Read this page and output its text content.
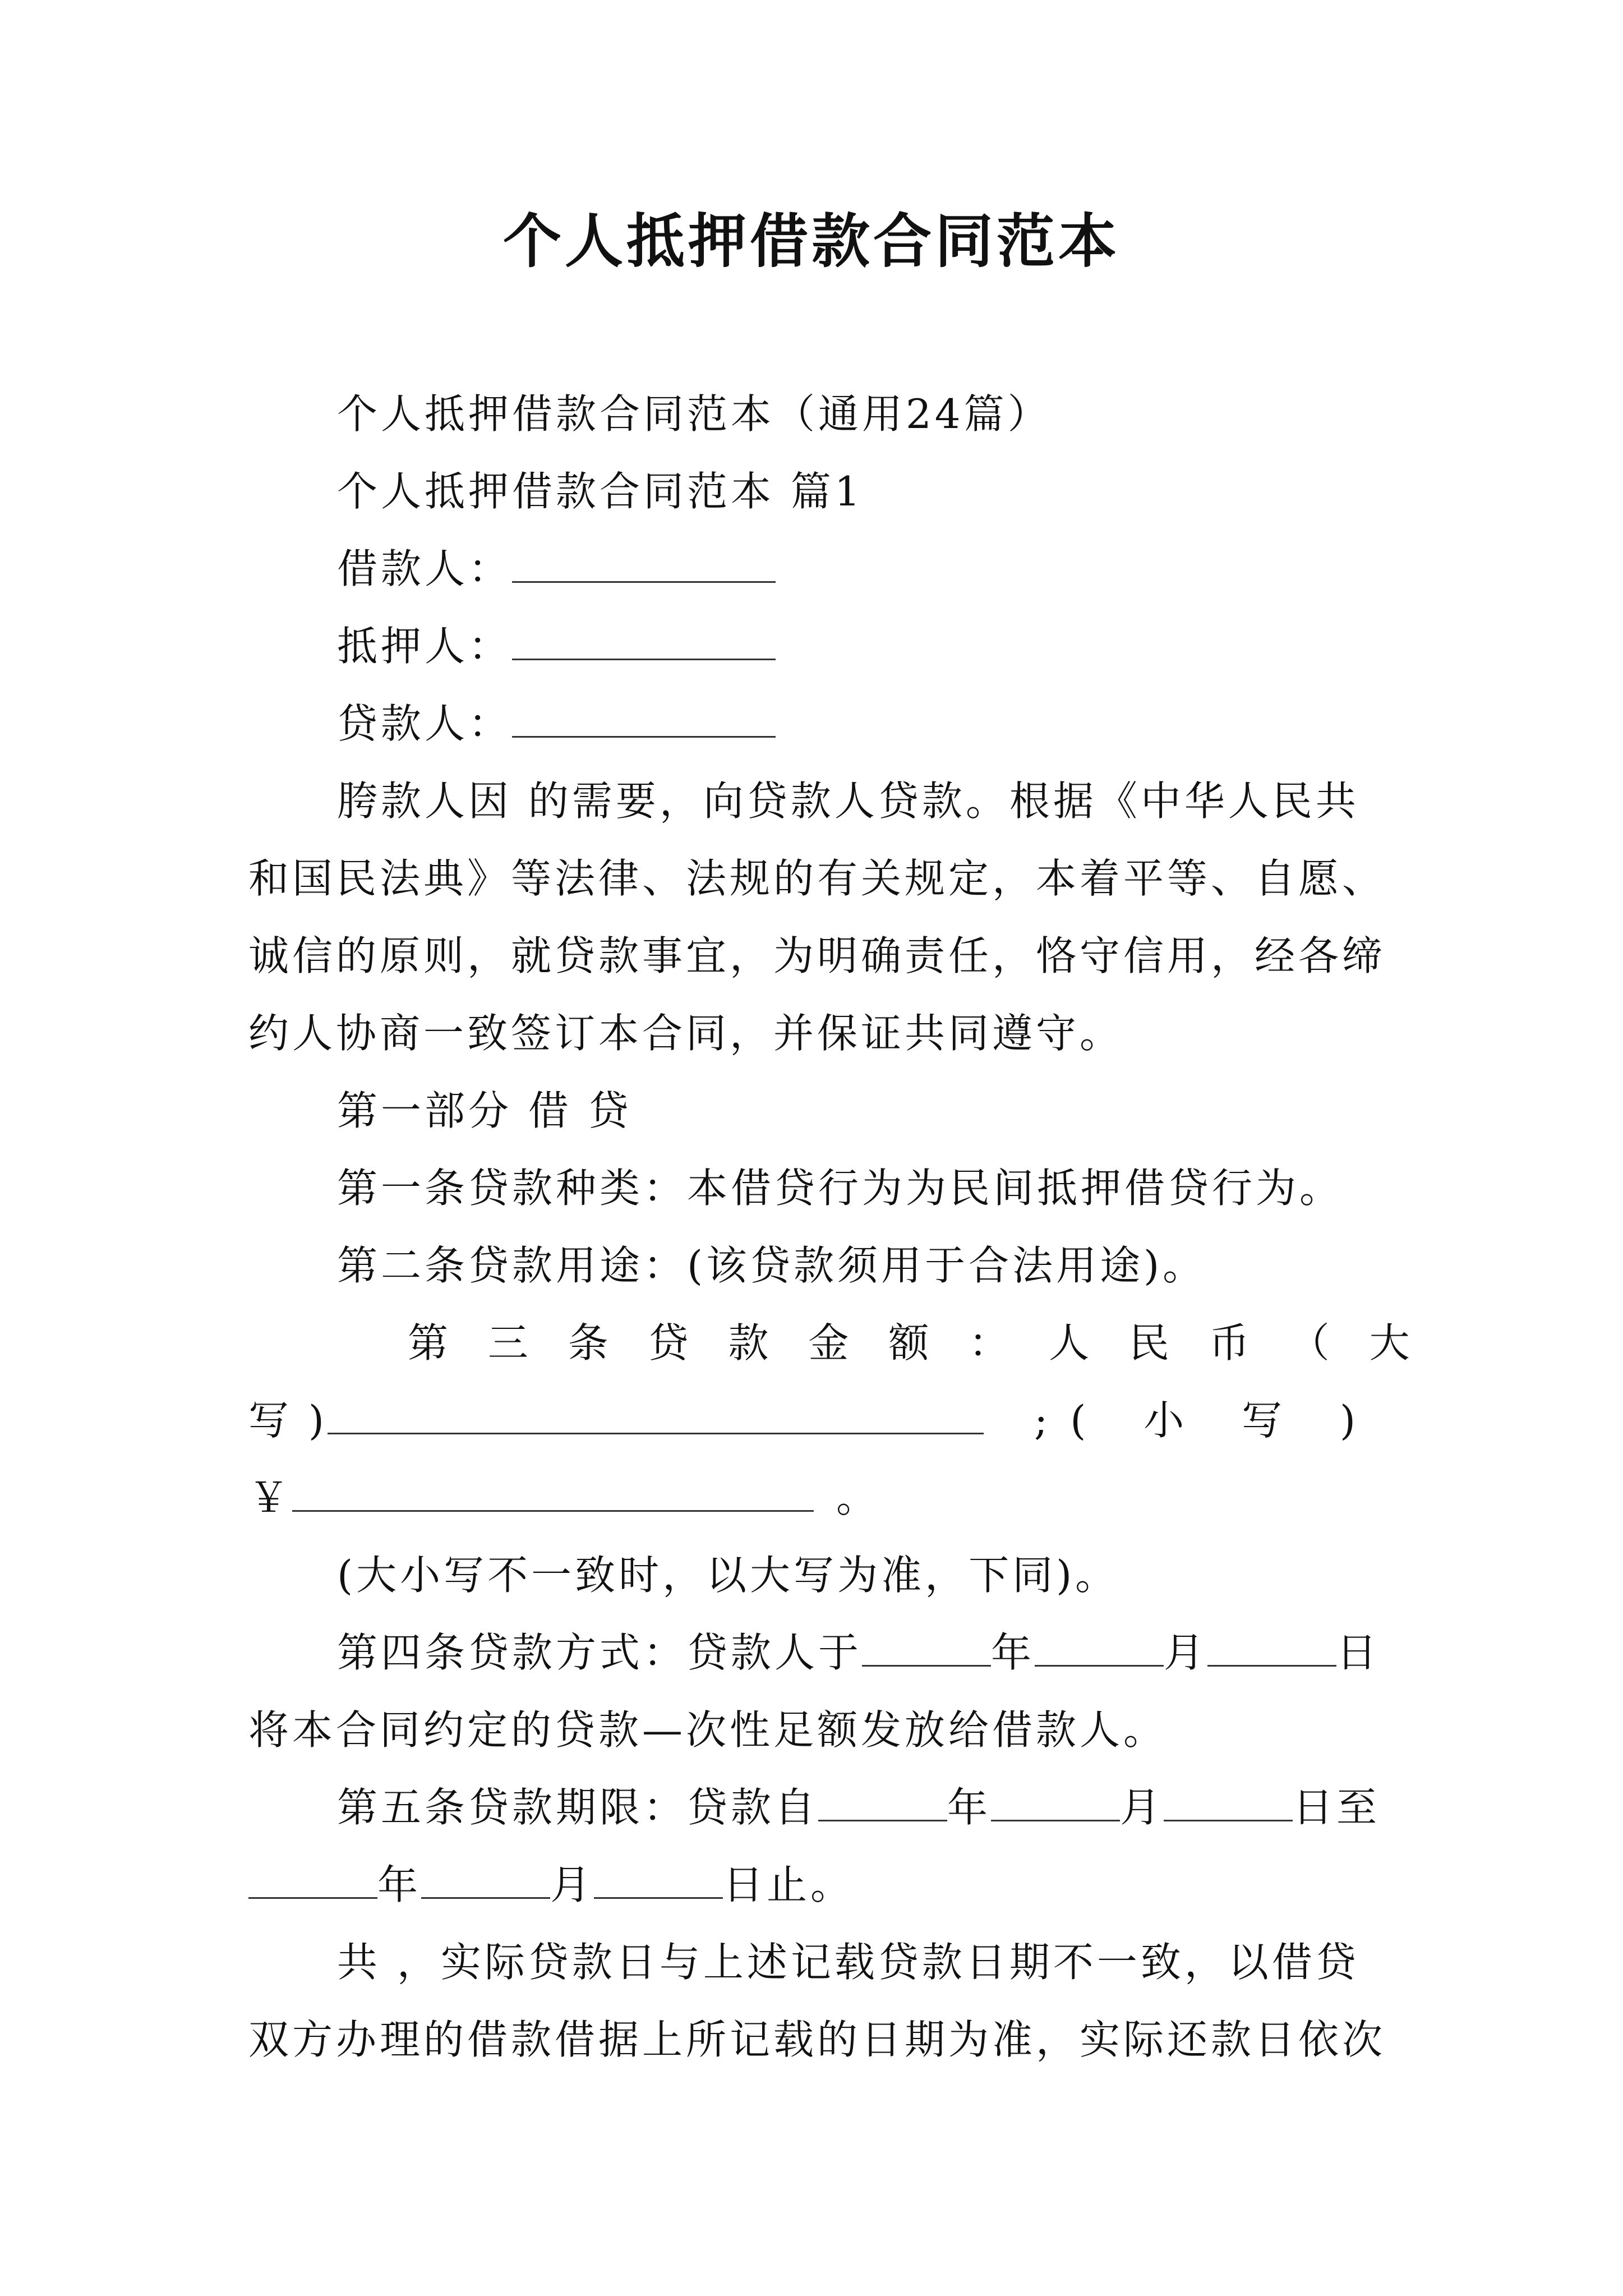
个人抵押借款合同范本
个人抵押借款合同范本（通用24篇）
个人抵押借款合同范本 篇1
借款人：
抵押人：
贷款人：
胯款人因 的需要，向贷款人贷款。根据《中华人民共
和国民法典》等法律、法规的有关规定，本着平等、自愿、
诚信的原则，就贷款事宜，为明确责任，恪守信用，经各缔
约人协商一致签订本合同，并保证共同遵守。
第一部分 借 贷
第一条贷款种类：本借贷行为为民间抵押借贷行为。
第二条贷款用途：(该贷款须用于合法用途)。
第 三 条 贷 款 金 额 ： 人 民 币 （ 大
写 )	;( 小 写 )
￥	。
(大小写不一致时，以大写为准，下同)。
第四条贷款方式：贷款人于	年	月	日
将本合同约定的贷款—次性足额发放给借款人。
第五条贷款期限：贷款自	年	月	日至
年	月	日止。
共 ，实际贷款日与上述记载贷款日期不一致，以借贷
双方办理的借款借据上所记载的日期为准，实际还款日依次
